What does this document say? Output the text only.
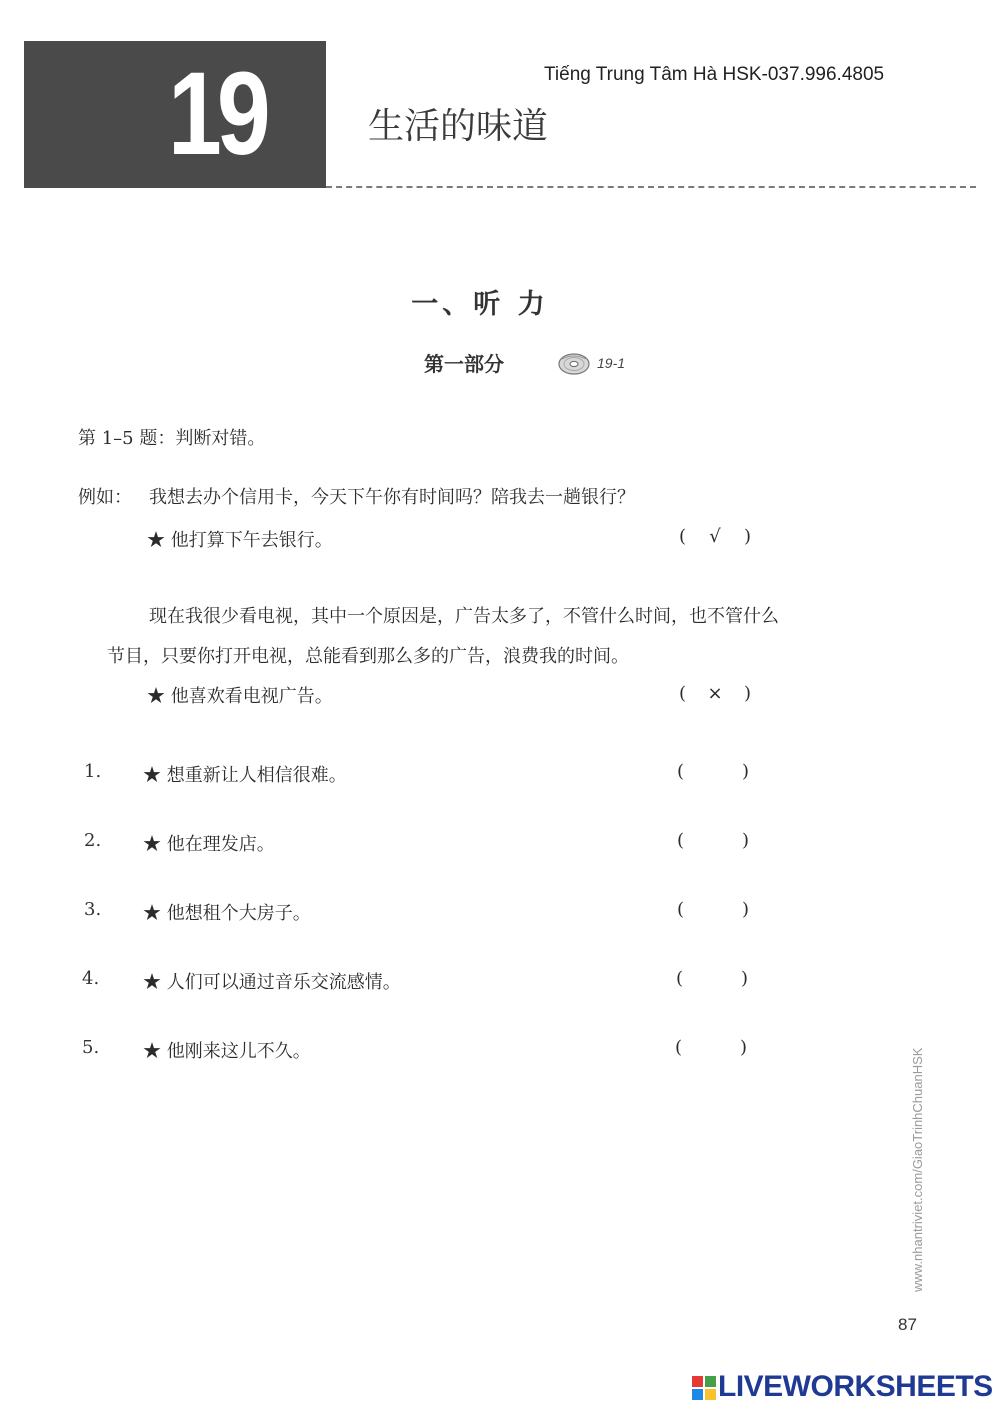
19	Tiếng Trung Tâm Hà HSK-037.996.4805
生活的味道
一、听 力
第一部分	19-1
第 1–5 题：判断对错。
例如： 我想去办个信用卡，今天下午你有时间吗？陪我去一趟银行？
★ 他打算下午去银行。	( √ )
现在我很少看电视，其中一个原因是，广告太多了，不管什么时间，也不管什么
节目，只要你打开电视，总能看到那么多的广告，浪费我的时间。
★ 他喜欢看电视广告。	( × )
1. ★ 想重新让人相信很难。	(	)
2. ★ 他在理发店。	(	)
3. ★ 他想租个大房子。	(	)
4. ★ 人们可以通过音乐交流感情。	(	)
5. ★ 他刚来这儿不久。	(	)
www.nhantriviet.com/GiaoTrinhChuanHSK
87
LIVEWORKSHEETS
